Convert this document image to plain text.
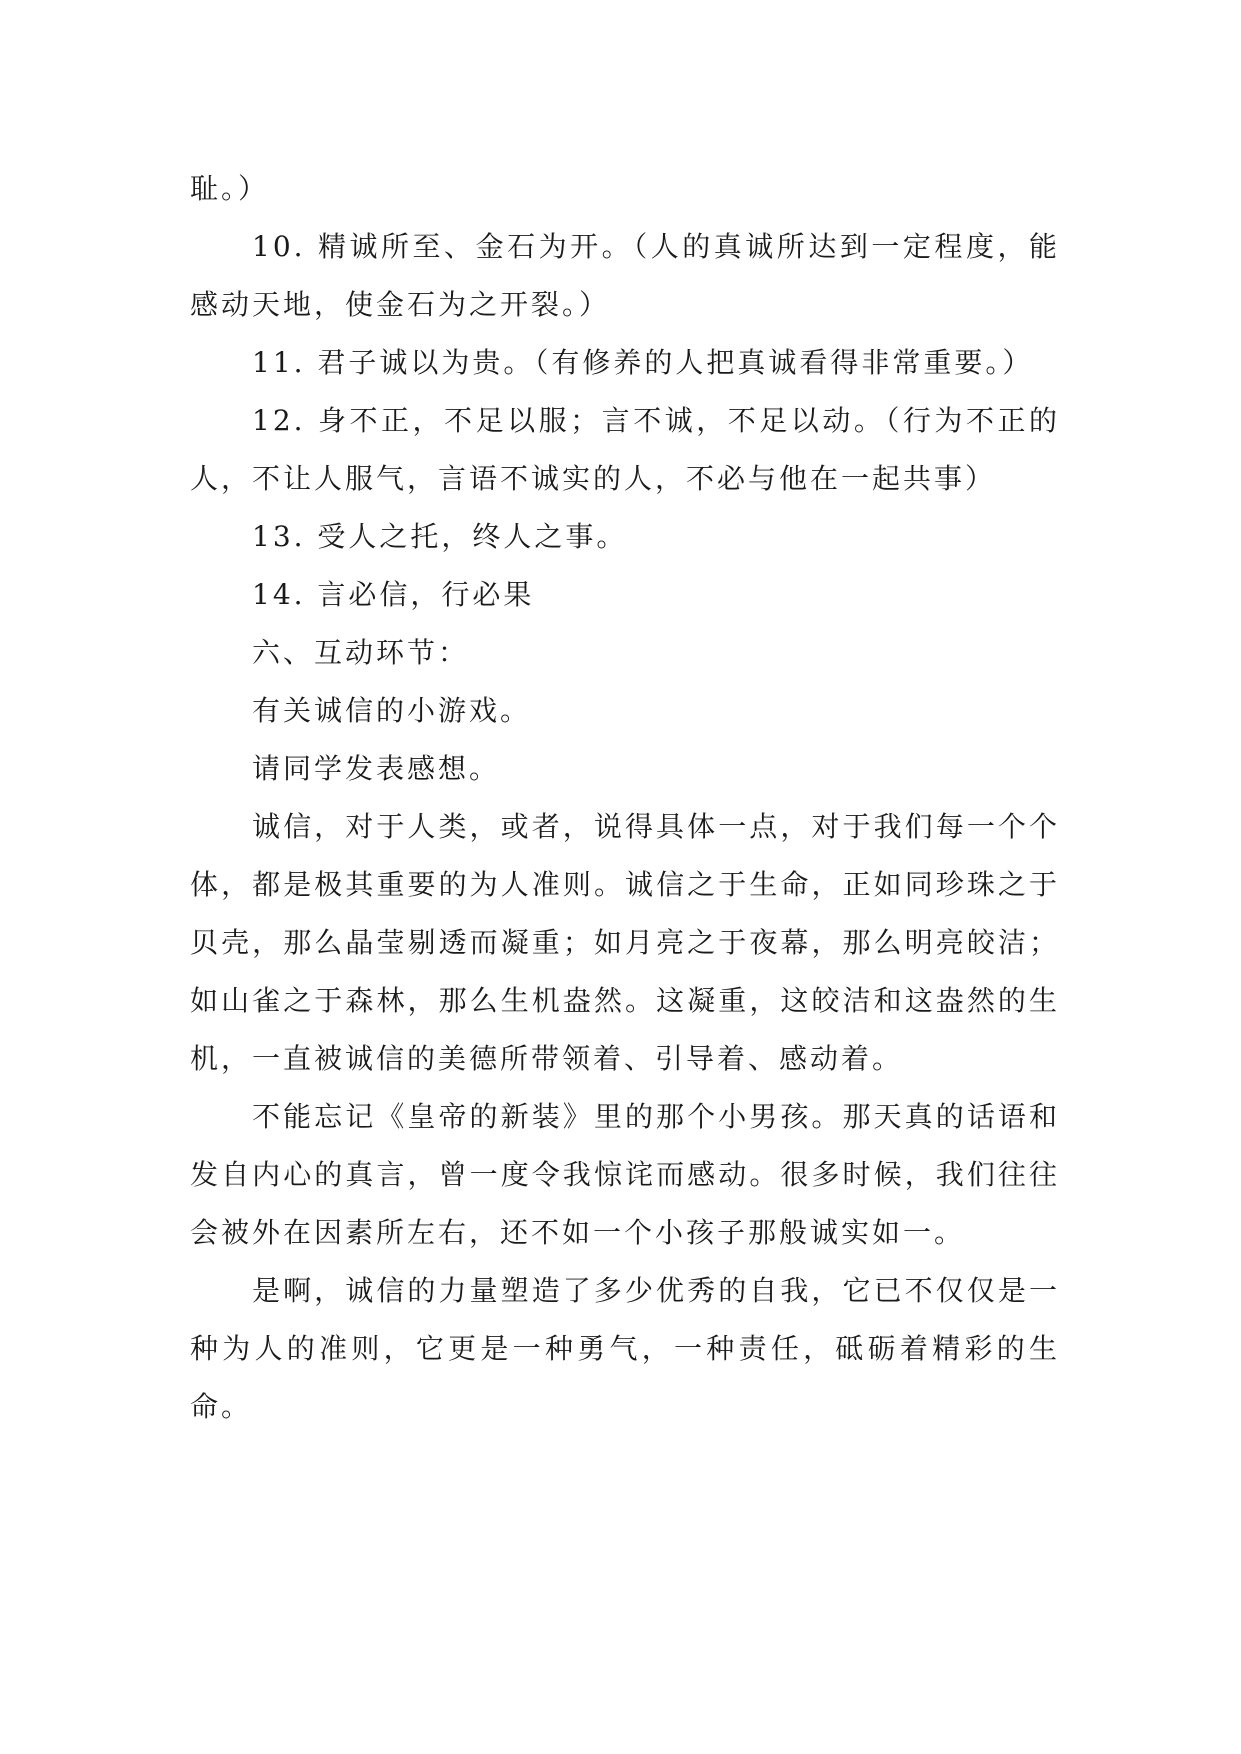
耻。）

10. 精诚所至、金石为开。（人的真诚所达到一定程度，能感动天地，使金石为之开裂。）

11. 君子诚以为贵。（有修养的人把真诚看得非常重要。）

12. 身不正，不足以服；言不诚，不足以动。（行为不正的人，不让人服气，言语不诚实的人，不必与他在一起共事）

13. 受人之托，终人之事。

14. 言必信，行必果

六、互动环节：

有关诚信的小游戏。

请同学发表感想。

诚信，对于人类，或者，说得具体一点，对于我们每一个个体，都是极其重要的为人准则。诚信之于生命，正如同珍珠之于贝壳，那么晶莹剔透而凝重；如月亮之于夜幕，那么明亮皎洁；如山雀之于森林，那么生机盎然。这凝重，这皎洁和这盎然的生机，一直被诚信的美德所带领着、引导着、感动着。

不能忘记《皇帝的新装》里的那个小男孩。那天真的话语和发自内心的真言，曾一度令我惊诧而感动。很多时候，我们往往会被外在因素所左右，还不如一个小孩子那般诚实如一。

是啊，诚信的力量塑造了多少优秀的自我，它已不仅仅是一种为人的准则，它更是一种勇气，一种责任，砥砺着精彩的生命。
